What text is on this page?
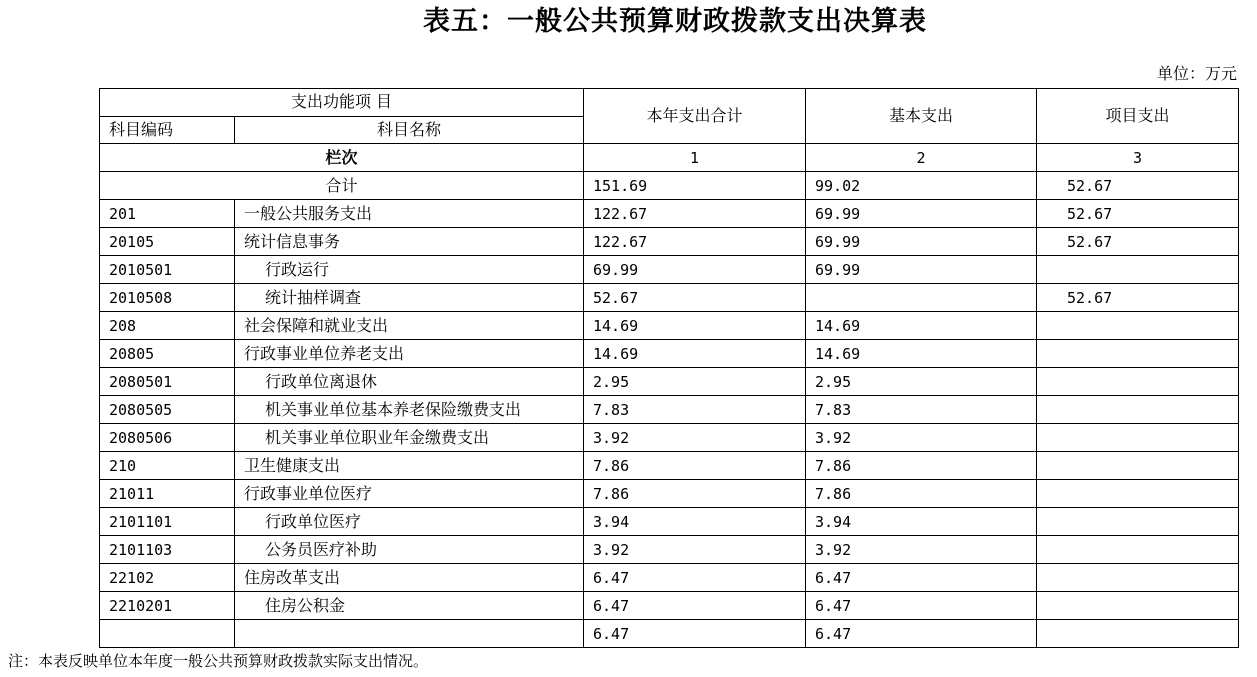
表五：一般公共预算财政拨款支出决算表
单位：万元
支出功能项 目		本年支出合计	基本支出	项目支出
科目编码	科目名称			
栏次		1	2	3
合计		151.69	99.02	52.67
201	一般公共服务支出	122.67	69.99	52.67
20105	统计信息事务	122.67	69.99	52.67
2010501	行政运行	69.99	69.99	
2010508	统计抽样调查	52.67		52.67
208	社会保障和就业支出	14.69	14.69	
20805	行政事业单位养老支出	14.69	14.69	
2080501	行政单位离退休	2.95	2.95	
2080505	机关事业单位基本养老保险缴费支出	7.83	7.83	
2080506	机关事业单位职业年金缴费支出	3.92	3.92	
210	卫生健康支出	7.86	7.86	
21011	行政事业单位医疗	7.86	7.86	
2101101	行政单位医疗	3.94	3.94	
2101103	公务员医疗补助	3.92	3.92	
22102	住房改革支出	6.47	6.47	
2210201	住房公积金	6.47	6.47	
		6.47	6.47	
注：本表反映单位本年度一般公共预算财政拨款实际支出情况。
